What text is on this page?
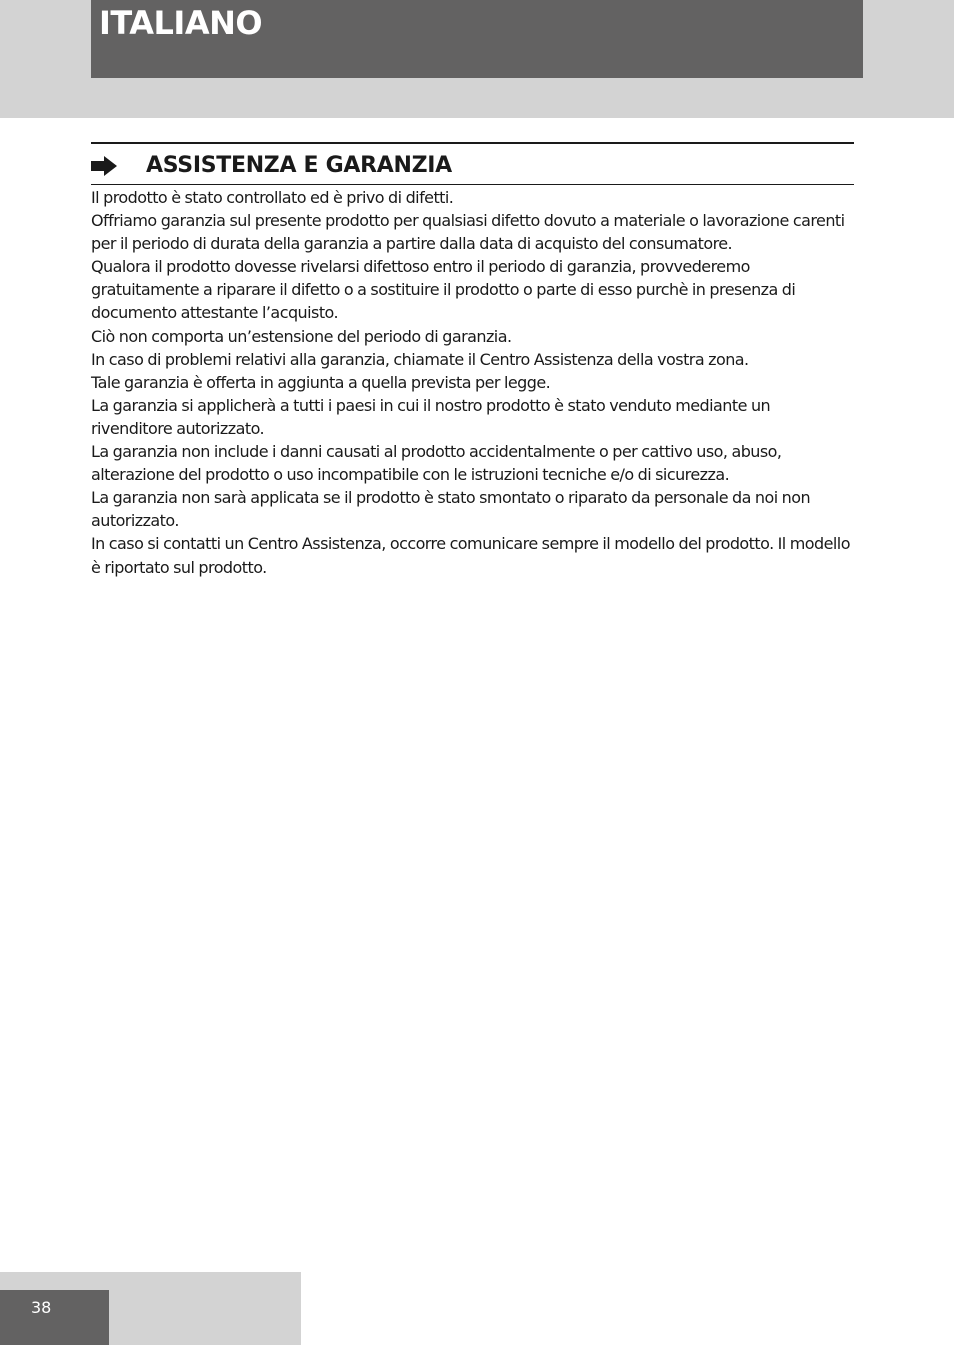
ITALIANO
ASSISTENZA E GARANZIA

Il prodotto è stato controllato ed è privo di difetti.

Offriamo garanzia sul presente prodotto per qualsiasi difetto dovuto a materiale o lavorazione carenti per il periodo di durata della garanzia a partire dalla data di acquisto del consumatore.

Qualora il prodotto dovesse rivelarsi difettoso entro il periodo di garanzia, provvederemo gratuitamente a riparare il difetto o a sostituire il prodotto o parte di esso purchè in presenza di documento attestante l’acquisto.

Ciò non comporta un’estensione del periodo di garanzia.

In caso di problemi relativi alla garanzia, chiamate il Centro Assistenza della vostra zona.

Tale garanzia è offerta in aggiunta a quella prevista per legge.

La garanzia si applicherà a tutti i paesi in cui il nostro prodotto è stato venduto mediante un rivenditore autorizzato.

La garanzia non include i danni causati al prodotto accidentalmente o per cattivo uso, abuso, alterazione del prodotto o uso incompatibile con le istruzioni tecniche e/o di sicurezza.

La garanzia non sarà applicata se il prodotto è stato smontato o riparato da personale da noi non autorizzato.

In caso si contatti un Centro Assistenza, occorre comunicare sempre il modello del prodotto. Il modello è riportato sul prodotto.

38
